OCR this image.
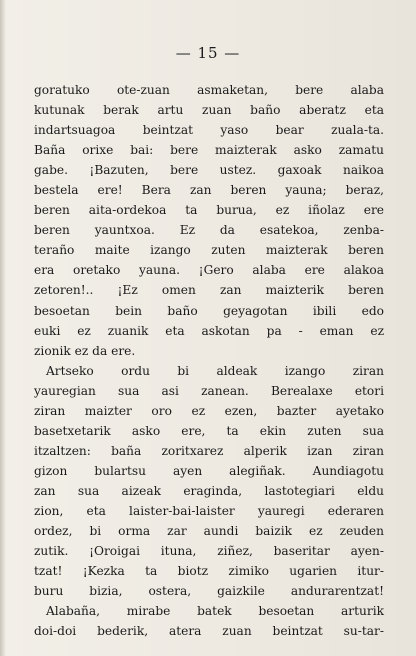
— 15 —
goratuko ote-zuan asmaketan, bere alaba
kutunak berak artu zuan baño aberatz eta
indartsuagoa beintzat yaso bear zuala-ta.
Baña orixe bai: bere maizterak asko zamatu
gabe. ¡Bazuten, bere ustez. gaxoak naikoa
bestela ere! Bera zan beren yauna; beraz,
beren aita-ordekoa ta burua, ez iñolaz ere
beren yauntxoa. Ez da esatekoa, zenba-
teraño maite izango zuten maizterak beren
era oretako yauna. ¡Gero alaba ere alakoa
zetoren!.. ¡Ez omen zan maizterik beren
besoetan bein baño geyagotan ibili edo
euki ez zuanik eta askotan pa - eman ez
zionik ez da ere.
Artseko ordu bi aldeak izango ziran
yauregian sua asi zanean. Berealaxe etori
ziran maizter oro ez ezen, bazter ayetako
basetxetarik asko ere, ta ekin zuten sua
itzaltzen: baña zoritxarez alperik izan ziran
gizon bulartsu ayen alegiñak. Aundiagotu
zan sua aizeak eraginda, lastotegiari eldu
zion, eta laister-bai-laister yauregi ederaren
ordez, bi orma zar aundi baizik ez zeuden
zutik. ¡Oroigai ituna, ziñez, baseritar ayen-
tzat! ¡Kezka ta biotz zimiko ugarien itur-
buru bizia, ostera, gaizkile andurarentzat!
Alabaña, mirabe batek besoetan arturik
doi-doi bederik, atera zuan beintzat su-tar-
